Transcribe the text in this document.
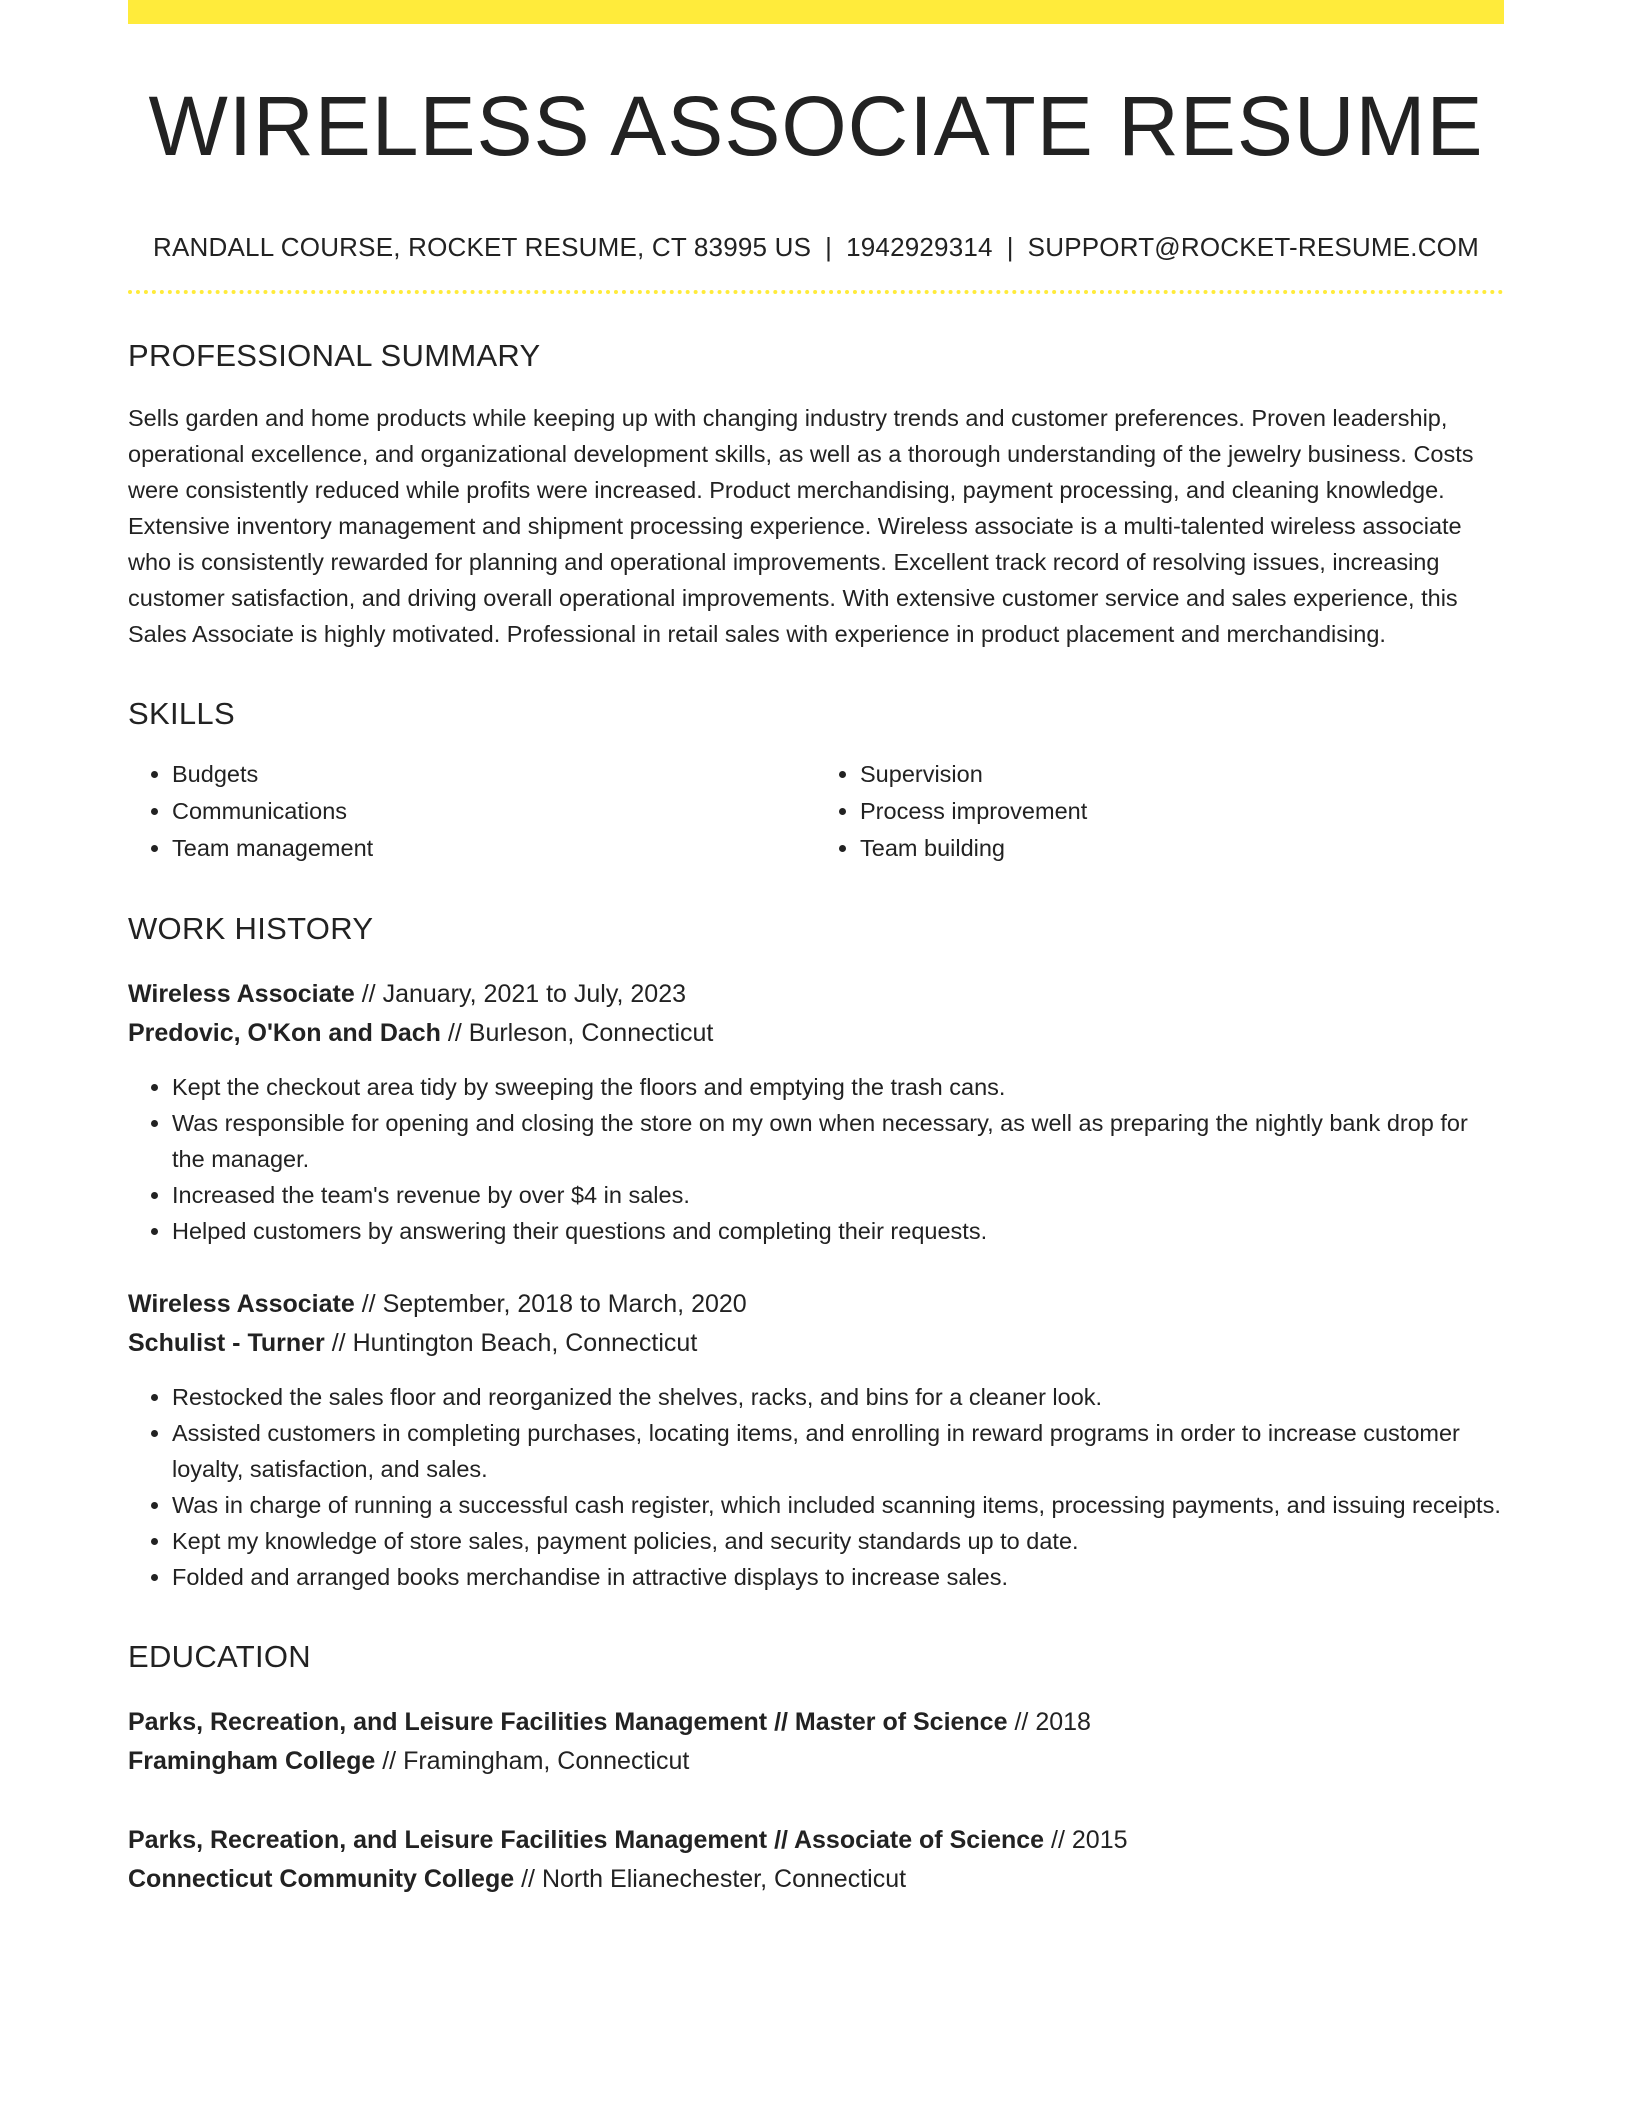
WIRELESS ASSOCIATE RESUME
RANDALL COURSE, ROCKET RESUME, CT 83995 US | 1942929314 | SUPPORT@ROCKET-RESUME.COM
PROFESSIONAL SUMMARY
Sells garden and home products while keeping up with changing industry trends and customer preferences. Proven leadership, operational excellence, and organizational development skills, as well as a thorough understanding of the jewelry business. Costs were consistently reduced while profits were increased. Product merchandising, payment processing, and cleaning knowledge. Extensive inventory management and shipment processing experience. Wireless associate is a multi-talented wireless associate who is consistently rewarded for planning and operational improvements. Excellent track record of resolving issues, increasing customer satisfaction, and driving overall operational improvements. With extensive customer service and sales experience, this Sales Associate is highly motivated. Professional in retail sales with experience in product placement and merchandising.
SKILLS
• Budgets
• Communications
• Team management
• Supervision
• Process improvement
• Team building
WORK HISTORY
Wireless Associate // January, 2021 to July, 2023
Predovic, O'Kon and Dach // Burleson, Connecticut
• Kept the checkout area tidy by sweeping the floors and emptying the trash cans.
• Was responsible for opening and closing the store on my own when necessary, as well as preparing the nightly bank drop for the manager.
• Increased the team's revenue by over $4 in sales.
• Helped customers by answering their questions and completing their requests.
Wireless Associate // September, 2018 to March, 2020
Schulist - Turner // Huntington Beach, Connecticut
• Restocked the sales floor and reorganized the shelves, racks, and bins for a cleaner look.
• Assisted customers in completing purchases, locating items, and enrolling in reward programs in order to increase customer loyalty, satisfaction, and sales.
• Was in charge of running a successful cash register, which included scanning items, processing payments, and issuing receipts.
• Kept my knowledge of store sales, payment policies, and security standards up to date.
• Folded and arranged books merchandise in attractive displays to increase sales.
EDUCATION
Parks, Recreation, and Leisure Facilities Management // Master of Science // 2018
Framingham College // Framingham, Connecticut
Parks, Recreation, and Leisure Facilities Management // Associate of Science // 2015
Connecticut Community College // North Elianechester, Connecticut
